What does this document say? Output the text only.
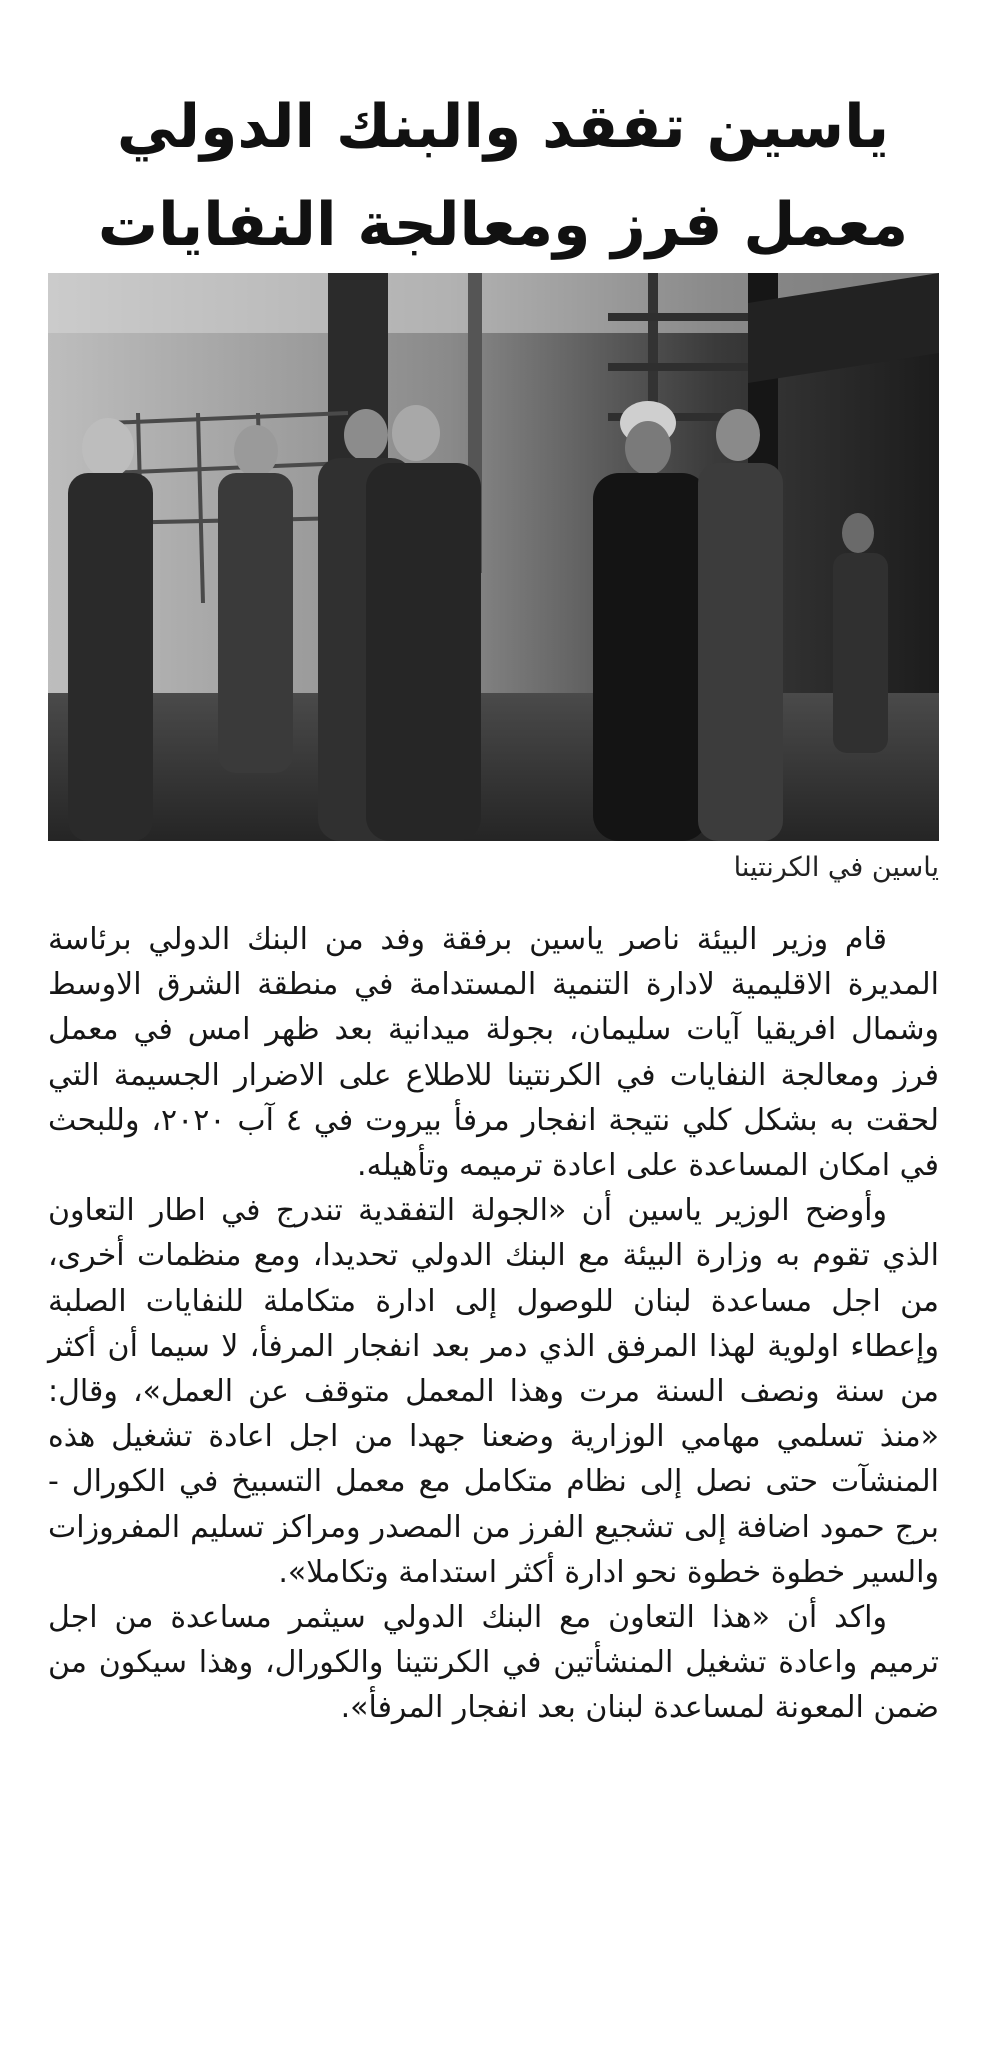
ياسين تفقد والبنك الدولي معمل فرز ومعالجة النفايات
ياسين في الكرنتينا

قام وزير البيئة ناصر ياسين برفقة وفد من البنك الدولي برئاسة المديرة الاقليمية لادارة التنمية المستدامة في منطقة الشرق الاوسط وشمال افريقيا آيات سليمان، بجولة ميدانية بعد ظهر امس في معمل فرز ومعالجة النفايات في الكرنتينا للاطلاع على الاضرار الجسيمة التي لحقت به بشكل كلي نتيجة انفجار مرفأ بيروت في ٤ آب ٢٠٢٠، وللبحث في امكان المساعدة على اعادة ترميمه وتأهيله.

وأوضح الوزير ياسين أن «الجولة التفقدية تندرج في اطار التعاون الذي تقوم به وزارة البيئة مع البنك الدولي تحديدا، ومع منظمات أخرى، من اجل مساعدة لبنان للوصول إلى ادارة متكاملة للنفايات الصلبة وإعطاء اولوية لهذا المرفق الذي دمر بعد انفجار المرفأ، لا سيما أن أكثر من سنة ونصف السنة مرت وهذا المعمل متوقف عن العمل»، وقال: «منذ تسلمي مهامي الوزارية وضعنا جهدا من اجل اعادة تشغيل هذه المنشآت حتى نصل إلى نظام متكامل مع معمل التسبيخ في الكورال - برج حمود اضافة إلى تشجيع الفرز من المصدر ومراكز تسليم المفروزات والسير خطوة خطوة نحو ادارة أكثر استدامة وتكاملا».

واكد أن «هذا التعاون مع البنك الدولي سيثمر مساعدة من اجل ترميم واعادة تشغيل المنشأتين في الكرنتينا والكورال، وهذا سيكون من ضمن المعونة لمساعدة لبنان بعد انفجار المرفأ».
